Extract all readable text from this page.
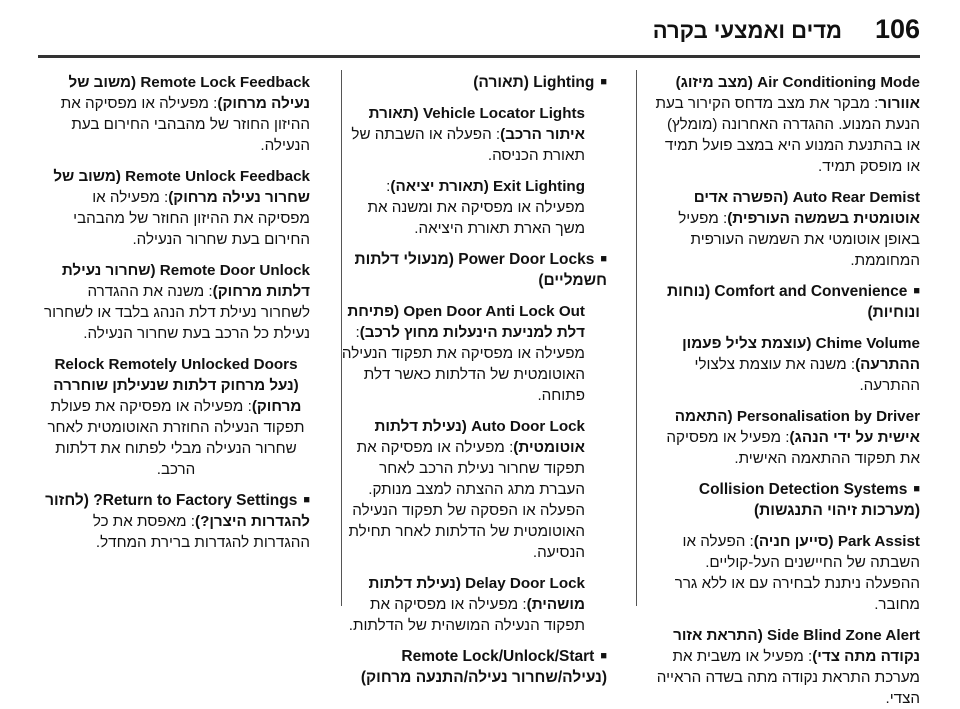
106
מדים ואמצעי בקרה
Air Conditioning Mode (מצב מיזוג) אוורור: מבקר את מצב מדחס הקירור בעת הנעת המנוע. ההגדרה האחרונה (מומלץ) או בהתנעת המנוע היא במצב פועל תמיד או מופסק תמיד.
Auto Rear Demist (הפשרה אדים אוטומטית בשמשה העורפית): מפעיל באופן אוטומטי את השמשה העורפית המחוממת.
■Comfort and Convenience (נוחות ונוחיות)
Chime Volume (עוצמת צליל פעמון ההתרעה): משנה את עוצמת צלצולי ההתרעה.
Personalisation by Driver (התאמה אישית על ידי הנהג): מפעיל או מפסיקה את תפקוד ההתאמה האישית.
■Collision Detection Systems (מערכות זיהוי התנגשות)
Park Assist (סייען חניה): הפעלה או השבתה של החיישנים העל-קוליים. ההפעלה ניתנת לבחירה עם או ללא גרר מחובר.
Side Blind Zone Alert (התראת אזור נקודה מתה צדי): מפעיל או משבית את מערכת התראת נקודה מתה בשדה הראייה הצדי.
■Lighting (תאורה)
Vehicle Locator Lights (תאורת איתור הרכב): הפעלה או השבתה של תאורת הכניסה.
Exit Lighting (תאורת יציאה): מפעילה או מפסיקה את ומשנה את משך הארת תאורת היציאה.
■Power Door Locks (מנעולי דלתות חשמליים)
Open Door Anti Lock Out (פתיחת דלת למניעת הינעלות מחוץ לרכב): מפעילה או מפסיקה את תפקוד הנעילה האוטומטית של הדלתות כאשר דלת פתוחה.
Auto Door Lock (נעילת דלתות אוטומטית): מפעילה או מפסיקה את תפקוד שחרור נעילת הרכב לאחר העברת מתג ההצתה למצב מנותק. הפעלה או הפסקה של תפקוד הנעילה האוטומטית של הדלתות לאחר תחילת הנסיעה.
Delay Door Lock (נעילת דלתות מושהית): מפעילה או מפסיקה את תפקוד הנעילה המושהית של הדלתות.
■Remote Lock/Unlock/Start (נעילה/שחרור נעילה/התנעה מרחוק)
Remote Lock Feedback (משוב של נעילה מרחוק): מפעילה או מפסיקה את ההיזון החוזר של מהבהבי החירום בעת הנעילה.
Remote Unlock Feedback (משוב של שחרור נעילה מרחוק): מפעילה או מפסיקה את ההיזון החוזר של מהבהבי החירום בעת שחרור הנעילה.
Remote Door Unlock (שחרור נעילת דלתות מרחוק): משנה את ההגדרה לשחרור נעילת דלת הנהג בלבד או לשחרור נעילת כל הרכב בעת שחרור הנעילה.
Relock Remotely Unlocked Doors (נעל מרחוק דלתות שנעילתן שוחררה מרחוק): מפעילה או מפסיקה את פעולת תפקוד הנעילה החוזרת האוטומטית לאחר שחרור הנעילה מבלי לפתוח את דלתות הרכב.
■Return to Factory Settings? (לחזור להגדרות היצרן?): מאפסת את כל ההגדרות להגדרות ברירת המחדל.
